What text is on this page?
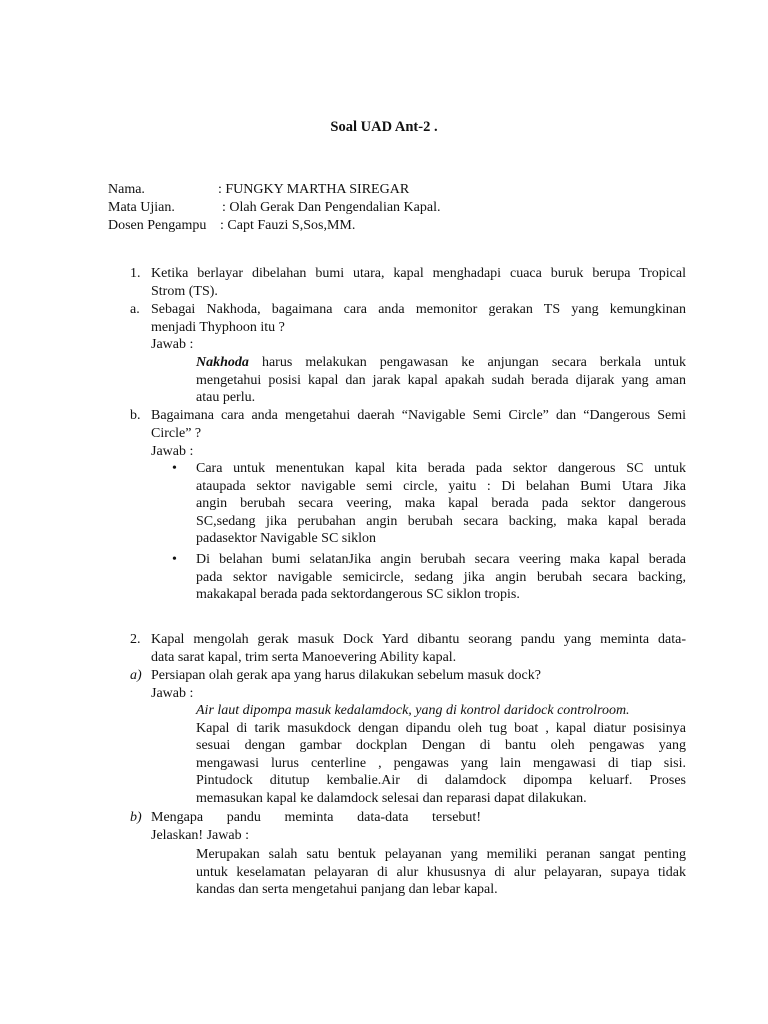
Soal UAD Ant-2 .
Nama.	: FUNGKY MARTHA SIREGAR
Mata Ujian.	: Olah Gerak Dan Pengendalian Kapal.
Dosen Pengampu : Capt Fauzi S,Sos,MM.
1. Ketika berlayar dibelahan bumi utara, kapal menghadapi cuaca buruk berupa Tropical
Strom (TS).
a. Sebagai Nakhoda, bagaimana cara anda memonitor gerakan TS yang kemungkinan
menjadi Thyphoon itu ?
Jawab :
Nakhoda harus melakukan pengawasan ke anjungan secara berkala untuk
mengetahui posisi kapal dan jarak kapal apakah sudah berada dijarak yang aman
atau perlu.
b. Bagaimana cara anda mengetahui daerah “Navigable Semi Circle” dan “Dangerous Semi
Circle” ?
Jawab :
• Cara untuk menentukan kapal kita berada pada sektor dangerous SC untuk
ataupada sektor navigable semi circle, yaitu : Di belahan Bumi Utara Jika
angin berubah secara veering, maka kapal berada pada sektor dangerous
SC,sedang jika perubahan angin berubah secara backing, maka kapal berada
padasektor Navigable SC siklon
• Di belahan bumi selatanJika angin berubah secara veering maka kapal berada
pada sektor navigable semicircle, sedang jika angin berubah secara backing,
makakapal berada pada sektordangerous SC siklon tropis.
2. Kapal mengolah gerak masuk Dock Yard dibantu seorang pandu yang meminta data-
data sarat kapal, trim serta Manoevering Ability kapal.
a) Persiapan olah gerak apa yang harus dilakukan sebelum masuk dock?
Jawab :
Air laut dipompa masuk kedalamdock, yang di kontrol daridock controlroom.
Kapal di tarik masukdock dengan dipandu oleh tug boat , kapal diatur posisinya
sesuai dengan gambar dockplan Dengan di bantu oleh pengawas yang
mengawasi lurus centerline , pengawas yang lain mengawasi di tiap sisi.
Pintudock ditutup kembalie.Air di dalamdock dipompa keluarf. Proses
memasukan kapal ke dalamdock selesai dan reparasi dapat dilakukan.
b) Mengapa pandu meminta data-data tersebut!
Jelaskan! Jawab :
Merupakan salah satu bentuk pelayanan yang memiliki peranan sangat penting
untuk keselamatan pelayaran di alur khususnya di alur pelayaran, supaya tidak
kandas dan serta mengetahui panjang dan lebar kapal.
